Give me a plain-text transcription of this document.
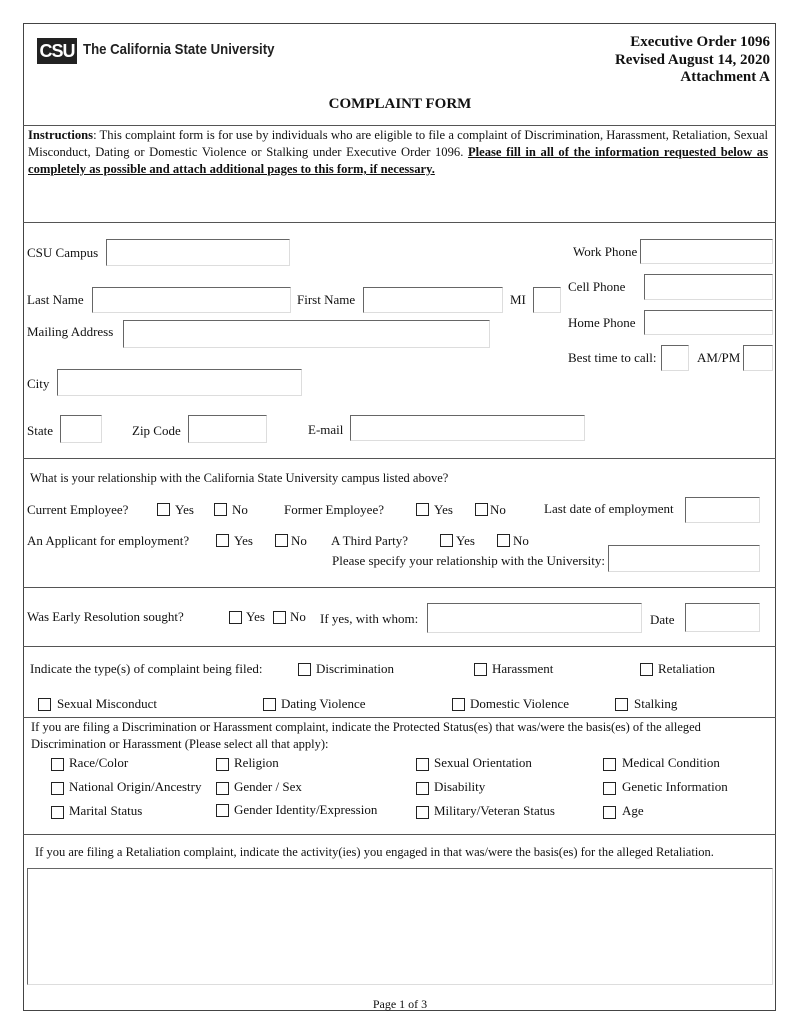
CSU The California State University	Executive Order 1096
Revised August 14, 2020
Attachment A
COMPLAINT FORM
Instructions: This complaint form is for use by individuals who are eligible to file a complaint of Discrimination, Harassment, Retaliation, Sexual Misconduct, Dating or Domestic Violence or Stalking under Executive Order 1096. Please fill in all of the information requested below as completely as possible and attach additional pages to this form, if necessary.
CSU Campus	Work Phone
Last Name	First Name	MI
Cell Phone
Mailing Address
Home Phone
Best time to call:	AM/PM
City
State	Zip Code	E-mail
What is your relationship with the California State University campus listed above?
Current Employee?	Yes	No	Former Employee?	Yes	No	Last date of employment
An Applicant for employment?	Yes	No A Third Party?	Yes	No
Please specify your relationship with the University:
Was Early Resolution sought?	Yes No If yes, with whom:	Date
Indicate the type(s) of complaint being filed:	Discrimination	Harassment	Retaliation
Sexual Misconduct	Dating Violence	Domestic Violence	Stalking
If you are filing a Discrimination or Harassment complaint, indicate the Protected Status(es) that was/were the basis(es) of the alleged
Discrimination or Harassment (Please select all that apply):
Race/Color	Religion	Sexual Orientation	Medical Condition
National Origin/Ancestry	Gender / Sex	Disability	Genetic Information
Marital Status	Gender Identity/Expression	Military/Veteran Status	Age
If you are filing a Retaliation complaint, indicate the activity(ies) you engaged in that was/were the basis(es) for the alleged Retaliation.
Page 1 of 3
